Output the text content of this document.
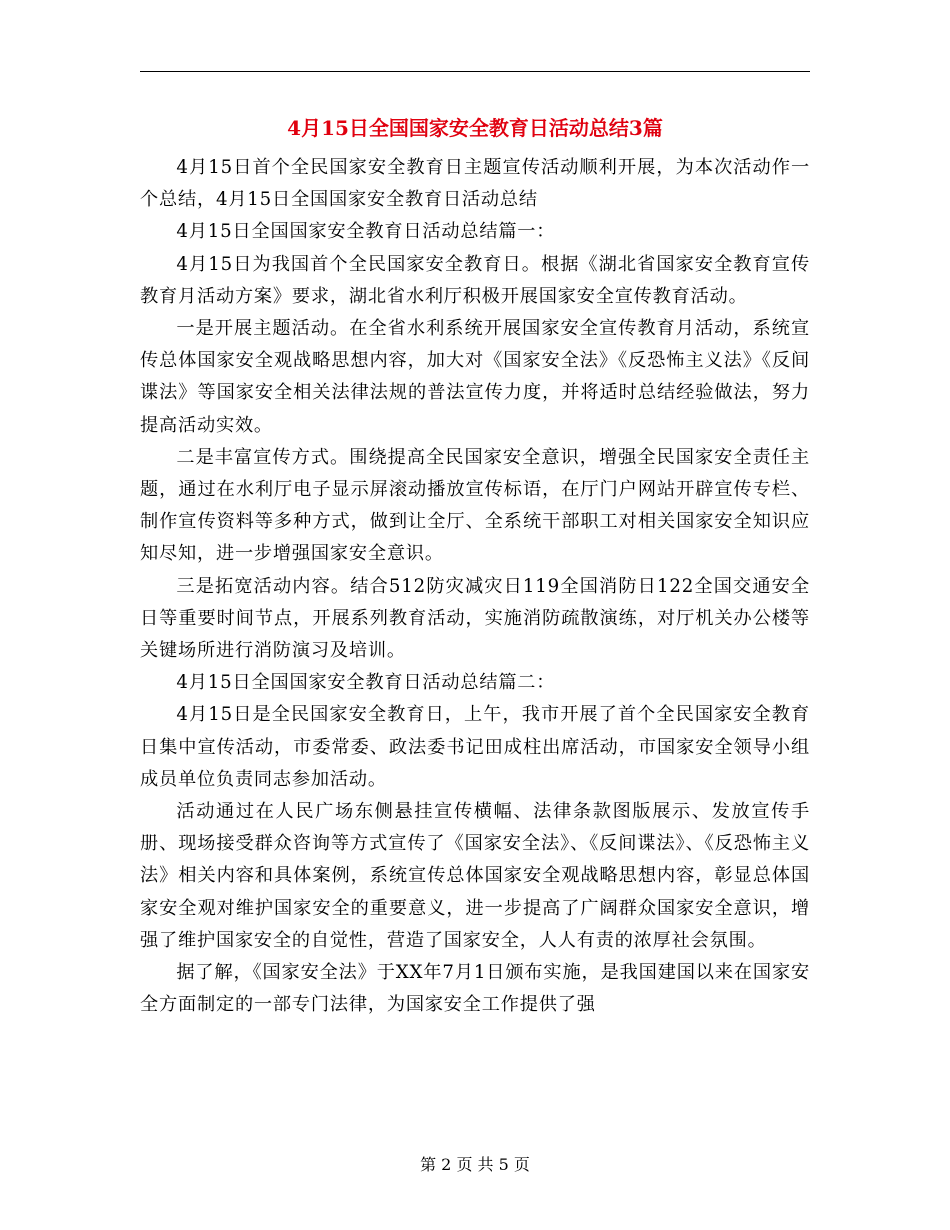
4月15日全国国家安全教育日活动总结3篇

4月15日首个全民国家安全教育日主题宣传活动顺利开展，为本次活动作一个总结，4月15日全国国家安全教育日活动总结

4月15日全国国家安全教育日活动总结篇一：

4月15日为我国首个全民国家安全教育日。根据《湖北省国家安全教育宣传教育月活动方案》要求，湖北省水利厅积极开展国家安全宣传教育活动。

一是开展主题活动。在全省水利系统开展国家安全宣传教育月活动，系统宣传总体国家安全观战略思想内容，加大对《国家安全法》《反恐怖主义法》《反间谍法》等国家安全相关法律法规的普法宣传力度，并将适时总结经验做法，努力提高活动实效。

二是丰富宣传方式。围绕提高全民国家安全意识，增强全民国家安全责任主题，通过在水利厅电子显示屏滚动播放宣传标语，在厅门户网站开辟宣传专栏、制作宣传资料等多种方式，做到让全厅、全系统干部职工对相关国家安全知识应知尽知，进一步增强国家安全意识。

三是拓宽活动内容。结合512防灾减灾日119全国消防日122全国交通安全日等重要时间节点，开展系列教育活动，实施消防疏散演练，对厅机关办公楼等关键场所进行消防演习及培训。

4月15日全国国家安全教育日活动总结篇二：

4月15日是全民国家安全教育日，上午，我市开展了首个全民国家安全教育日集中宣传活动，市委常委、政法委书记田成柱出席活动，市国家安全领导小组成员单位负责同志参加活动。

活动通过在人民广场东侧悬挂宣传横幅、法律条款图版展示、发放宣传手册、现场接受群众咨询等方式宣传了《国家安全法》、《反间谍法》、《反恐怖主义法》相关内容和具体案例，系统宣传总体国家安全观战略思想内容，彰显总体国家安全观对维护国家安全的重要意义，进一步提高了广阔群众国家安全意识，增强了维护国家安全的自觉性，营造了国家安全，人人有责的浓厚社会氛围。

据了解，《国家安全法》于XX年7月1日颁布实施，是我国建国以来在国家安全方面制定的一部专门法律，为国家安全工作提供了强

第 2 页 共 5 页
